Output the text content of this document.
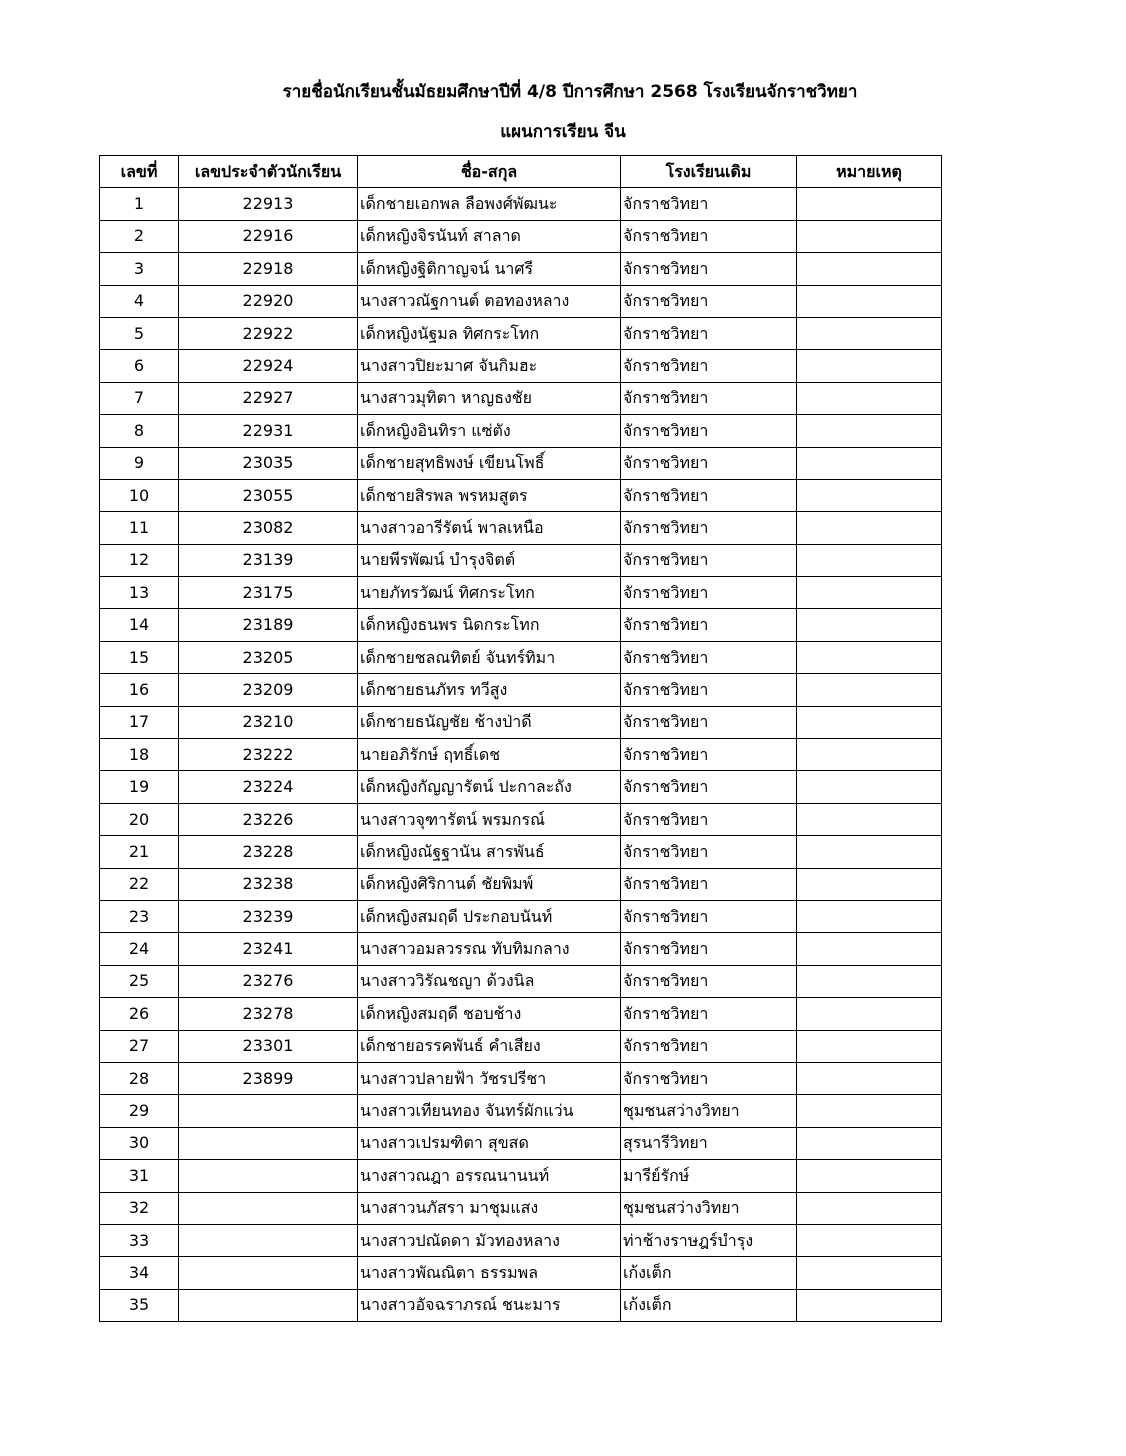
รายชื่อนักเรียนชั้นมัธยมศึกษาปีที่ 4/8 ปีการศึกษา 2568 โรงเรียนจักราชวิทยา
แผนการเรียน จีน
เลขที่	เลขประจำตัวนักเรียน	ชื่อ-สกุล	โรงเรียนเดิม	หมายเหตุ
1	22913	เด็กชายเอกพล ลือพงศ์พัฒนะ	จักราชวิทยา	
2	22916	เด็กหญิงจิรนันท์ สาลาด	จักราชวิทยา	
3	22918	เด็กหญิงฐิติกาญจน์ นาศรี	จักราชวิทยา	
4	22920	นางสาวณัฐกานต์ ตอทองหลาง	จักราชวิทยา	
5	22922	เด็กหญิงนัฐมล ทิศกระโทก	จักราชวิทยา	
6	22924	นางสาวปิยะมาศ จันกิมฮะ	จักราชวิทยา	
7	22927	นางสาวมุทิตา หาญธงชัย	จักราชวิทยา	
8	22931	เด็กหญิงอินทิรา แซ่ตัง	จักราชวิทยา	
9	23035	เด็กชายสุทธิพงษ์ เขียนโพธิ์	จักราชวิทยา	
10	23055	เด็กชายสิรพล พรหมสูตร	จักราชวิทยา	
11	23082	นางสาวอารีรัตน์ พาลเหนือ	จักราชวิทยา	
12	23139	นายพีรพัฒน์ บำรุงจิตต์	จักราชวิทยา	
13	23175	นายภัทรวัฒน์ ทิศกระโทก	จักราชวิทยา	
14	23189	เด็กหญิงธนพร นิดกระโทก	จักราชวิทยา	
15	23205	เด็กชายชลณทิตย์ จันทร์ทิมา	จักราชวิทยา	
16	23209	เด็กชายธนภัทร ทวีสูง	จักราชวิทยา	
17	23210	เด็กชายธนัญชัย ช้างป่าดี	จักราชวิทยา	
18	23222	นายอภิรักษ์ ฤทธิ์เดช	จักราชวิทยา	
19	23224	เด็กหญิงกัญญารัตน์ ปะกาละถัง	จักราชวิทยา	
20	23226	นางสาวจุฑารัตน์ พรมกรณ์	จักราชวิทยา	
21	23228	เด็กหญิงณัฐฐานัน สารพันธ์	จักราชวิทยา	
22	23238	เด็กหญิงศิริกานต์ ชัยพิมพ์	จักราชวิทยา	
23	23239	เด็กหญิงสมฤดี ประกอบนันท์	จักราชวิทยา	
24	23241	นางสาวอมลวรรณ ทับทิมกลาง	จักราชวิทยา	
25	23276	นางสาววิรัณชญา ด้วงนิล	จักราชวิทยา	
26	23278	เด็กหญิงสมฤดี ชอบช้าง	จักราชวิทยา	
27	23301	เด็กชายอรรคพันธ์ คำเสียง	จักราชวิทยา	
28	23899	นางสาวปลายฟ้า วัชรปรีชา	จักราชวิทยา	
29		นางสาวเทียนทอง จันทร์ผักแว่น	ชุมชนสว่างวิทยา	
30		นางสาวเปรมฑิตา สุขสด	สุรนารีวิทยา	
31		นางสาวณฎา อรรณนานนท์	มารีย์รักษ์	
32		นางสาวนภัสรา มาชุมแสง	ชุมชนสว่างวิทยา	
33		นางสาวปณัดดา มัวทองหลาง	ท่าช้างราษฎร์บำรุง	
34		นางสาวพัณณิตา ธรรมพล	เก้งเต็ก	
35		นางสาวอัจฉราภรณ์ ชนะมาร	เก้งเต็ก	
